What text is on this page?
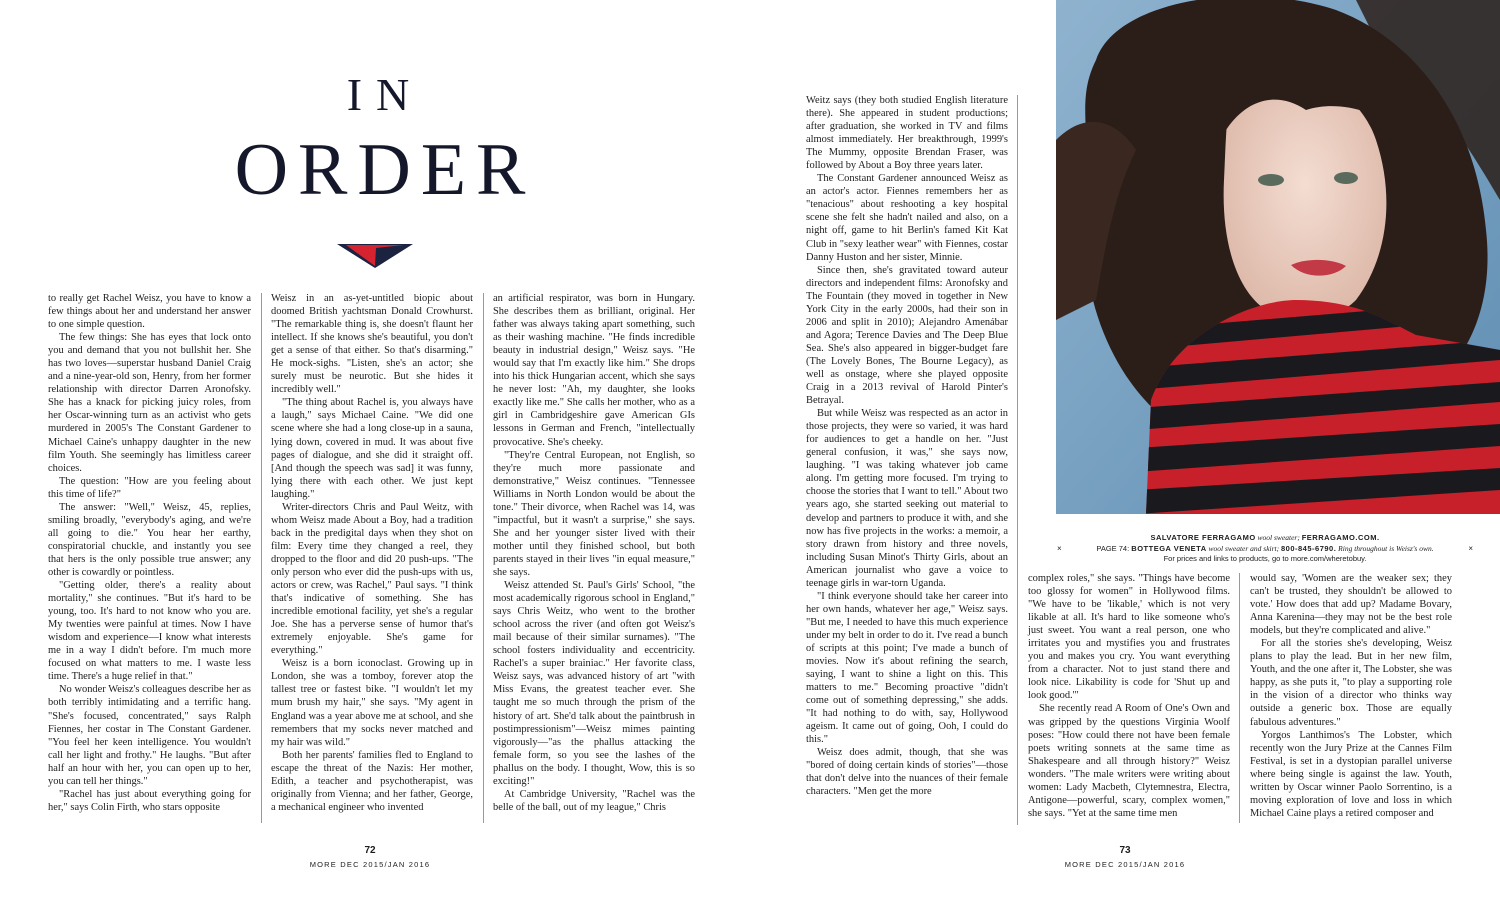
IN
ORDER

to really get Rachel Weisz, you have to know a few things about her and understand her answer to one simple question.

The few things: She has eyes that lock onto you and demand that you not bullshit her. She has two loves—superstar husband Daniel Craig and a nine-year-old son, Henry, from her former relationship with director Darren Aronofsky. She has a knack for picking juicy roles, from her Oscar-winning turn as an activist who gets murdered in 2005's The Constant Gardener to Michael Caine's unhappy daughter in the new film Youth. She seemingly has limitless career choices.

The question: "How are you feeling about this time of life?"

The answer: "Well," Weisz, 45, replies, smiling broadly, "everybody's aging, and we're all going to die." You hear her earthy, conspiratorial chuckle, and instantly you see that hers is the only possible true answer; any other is cowardly or pointless.

"Getting older, there's a reality about mortality," she continues. "But it's hard to be young, too. It's hard to not know who you are. My twenties were painful at times. Now I have wisdom and experience—I know what interests me in a way I didn't before. I'm much more focused on what matters to me. I waste less time. There's a huge relief in that."

No wonder Weisz's colleagues describe her as both terribly intimidating and a terrific hang. "She's focused, concentrated," says Ralph Fiennes, her costar in The Constant Gardener. "You feel her keen intelligence. You wouldn't call her light and frothy." He laughs. "But after half an hour with her, you can open up to her, you can tell her things."

"Rachel has just about everything going for her," says Colin Firth, who stars opposite

Weisz in an as-yet-untitled biopic about doomed British yachtsman Donald Crowhurst. "The remarkable thing is, she doesn't flaunt her intellect. If she knows she's beautiful, you don't get a sense of that either. So that's disarming." He mock-sighs. "Listen, she's an actor; she surely must be neurotic. But she hides it incredibly well."

"The thing about Rachel is, you always have a laugh," says Michael Caine. "We did one scene where she had a long close-up in a sauna, lying down, covered in mud. It was about five pages of dialogue, and she did it straight off. [And though the speech was sad] it was funny, lying there with each other. We just kept laughing."

Writer-directors Chris and Paul Weitz, with whom Weisz made About a Boy, had a tradition back in the predigital days when they shot on film: Every time they changed a reel, they dropped to the floor and did 20 push-ups. "The only person who ever did the push-ups with us, actors or crew, was Rachel," Paul says. "I think that's indicative of something. She has incredible emotional facility, yet she's a regular Joe. She has a perverse sense of humor that's extremely enjoyable. She's game for everything."

Weisz is a born iconoclast. Growing up in London, she was a tomboy, forever atop the tallest tree or fastest bike. "I wouldn't let my mum brush my hair," she says. "My agent in England was a year above me at school, and she remembers that my socks never matched and my hair was wild."

Both her parents' families fled to England to escape the threat of the Nazis: Her mother, Edith, a teacher and psychotherapist, was originally from Vienna; and her father, George, a mechanical engineer who invented

an artificial respirator, was born in Hungary. She describes them as brilliant, original. Her father was always taking apart something, such as their washing machine. "He finds incredible beauty in industrial design," Weisz says. "He would say that I'm exactly like him." She drops into his thick Hungarian accent, which she says he never lost: "Ah, my daughter, she looks exactly like me." She calls her mother, who as a girl in Cambridgeshire gave American GIs lessons in German and French, "intellectually provocative. She's cheeky.

"They're Central European, not English, so they're much more passionate and demonstrative," Weisz continues. "Tennessee Williams in North London would be about the tone." Their divorce, when Rachel was 14, was "impactful, but it wasn't a surprise," she says. She and her younger sister lived with their mother until they finished school, but both parents stayed in their lives "in equal measure," she says.

Weisz attended St. Paul's Girls' School, "the most academically rigorous school in England," says Chris Weitz, who went to the brother school across the river (and often got Weisz's mail because of their similar surnames). "The school fosters individuality and eccentricity. Rachel's a super brainiac." Her favorite class, Weisz says, was advanced history of art "with Miss Evans, the greatest teacher ever. She taught me so much through the prism of the history of art. She'd talk about the paintbrush in postimpressionism"—Weisz mimes painting vigorously—"as the phallus attacking the female form, so you see the lashes of the phallus on the body. I thought, Wow, this is so exciting!"

At Cambridge University, "Rachel was the belle of the ball, out of my league," Chris

Weitz says (they both studied English literature there). She appeared in student productions; after graduation, she worked in TV and films almost immediately. Her breakthrough, 1999's The Mummy, opposite Brendan Fraser, was followed by About a Boy three years later.

The Constant Gardener announced Weisz as an actor's actor. Fiennes remembers her as "tenacious" about reshooting a key hospital scene she felt she hadn't nailed and also, on a night off, game to hit Berlin's famed Kit Kat Club in "sexy leather wear" with Fiennes, costar Danny Huston and her sister, Minnie.

Since then, she's gravitated toward auteur directors and independent films: Aronofsky and The Fountain (they moved in together in New York City in the early 2000s, had their son in 2006 and split in 2010); Alejandro Amenábar and Agora; Terence Davies and The Deep Blue Sea. She's also appeared in bigger-budget fare (The Lovely Bones, The Bourne Legacy), as well as onstage, where she played opposite Craig in a 2013 revival of Harold Pinter's Betrayal.

But while Weisz was respected as an actor in those projects, they were so varied, it was hard for audiences to get a handle on her. "Just general confusion, it was," she says now, laughing. "I was taking whatever job came along. I'm getting more focused. I'm trying to choose the stories that I want to tell." About two years ago, she started seeking out material to develop and partners to produce it with, and she now has five projects in the works: a memoir, a story drawn from history and three novels, including Susan Minot's Thirty Girls, about an American journalist who gave a voice to teenage girls in war-torn Uganda.

"I think everyone should take her career into her own hands, whatever her age," Weisz says. "But me, I needed to have this much experience under my belt in order to do it. I've read a bunch of scripts at this point; I've made a bunch of movies. Now it's about refining the search, saying, I want to shine a light on this. This matters to me." Becoming proactive "didn't come out of something depressing," she adds. "It had nothing to do with, say, Hollywood ageism. It came out of going, Ooh, I could do this."

Weisz does admit, though, that she was "bored of doing certain kinds of stories"—those that don't delve into the nuances of their female characters. "Men get the more

complex roles," she says. "Things have become too glossy for women" in Hollywood films. "We have to be 'likable,' which is not very likable at all. It's hard to like someone who's just sweet. You want a real person, one who irritates you and mystifies you and frustrates you and makes you cry. You want everything from a character. Not to just stand there and look nice. Likability is code for 'Shut up and look good.'"

She recently read A Room of One's Own and was gripped by the questions Virginia Woolf poses: "How could there not have been female poets writing sonnets at the same time as Shakespeare and all through history?" Weisz wonders. "The male writers were writing about women: Lady Macbeth, Clytemnestra, Electra, Antigone—powerful, scary, complex women," she says. "Yet at the same time men

would say, 'Women are the weaker sex; they can't be trusted, they shouldn't be allowed to vote.' How does that add up? Madame Bovary, Anna Karenina—they may not be the best role models, but they're complicated and alive."

For all the stories she's developing, Weisz plans to play the lead. But in her new film, Youth, and the one after it, The Lobster, she was happy, as she puts it, "to play a supporting role in the vision of a director who thinks way outside a generic box. Those are equally fabulous adventures."

Yorgos Lanthimos's The Lobster, which recently won the Jury Prize at the Cannes Film Festival, is set in a dystopian parallel universe where being single is against the law. Youth, written by Oscar winner Paolo Sorrentino, is a moving exploration of love and loss in which Michael Caine plays a retired composer and

SALVATORE FERRAGAMO wool sweater; FERRAGAMO.COM.
PAGE 74: BOTTEGA VENETA wool sweater and skirt; 800-845-6790. Ring throughout is Weisz's own.
For prices and links to products, go to more.com/wheretobuy.
×	×
72
MORE DEC 2015/JAN 2016
73
MORE DEC 2015/JAN 2016
